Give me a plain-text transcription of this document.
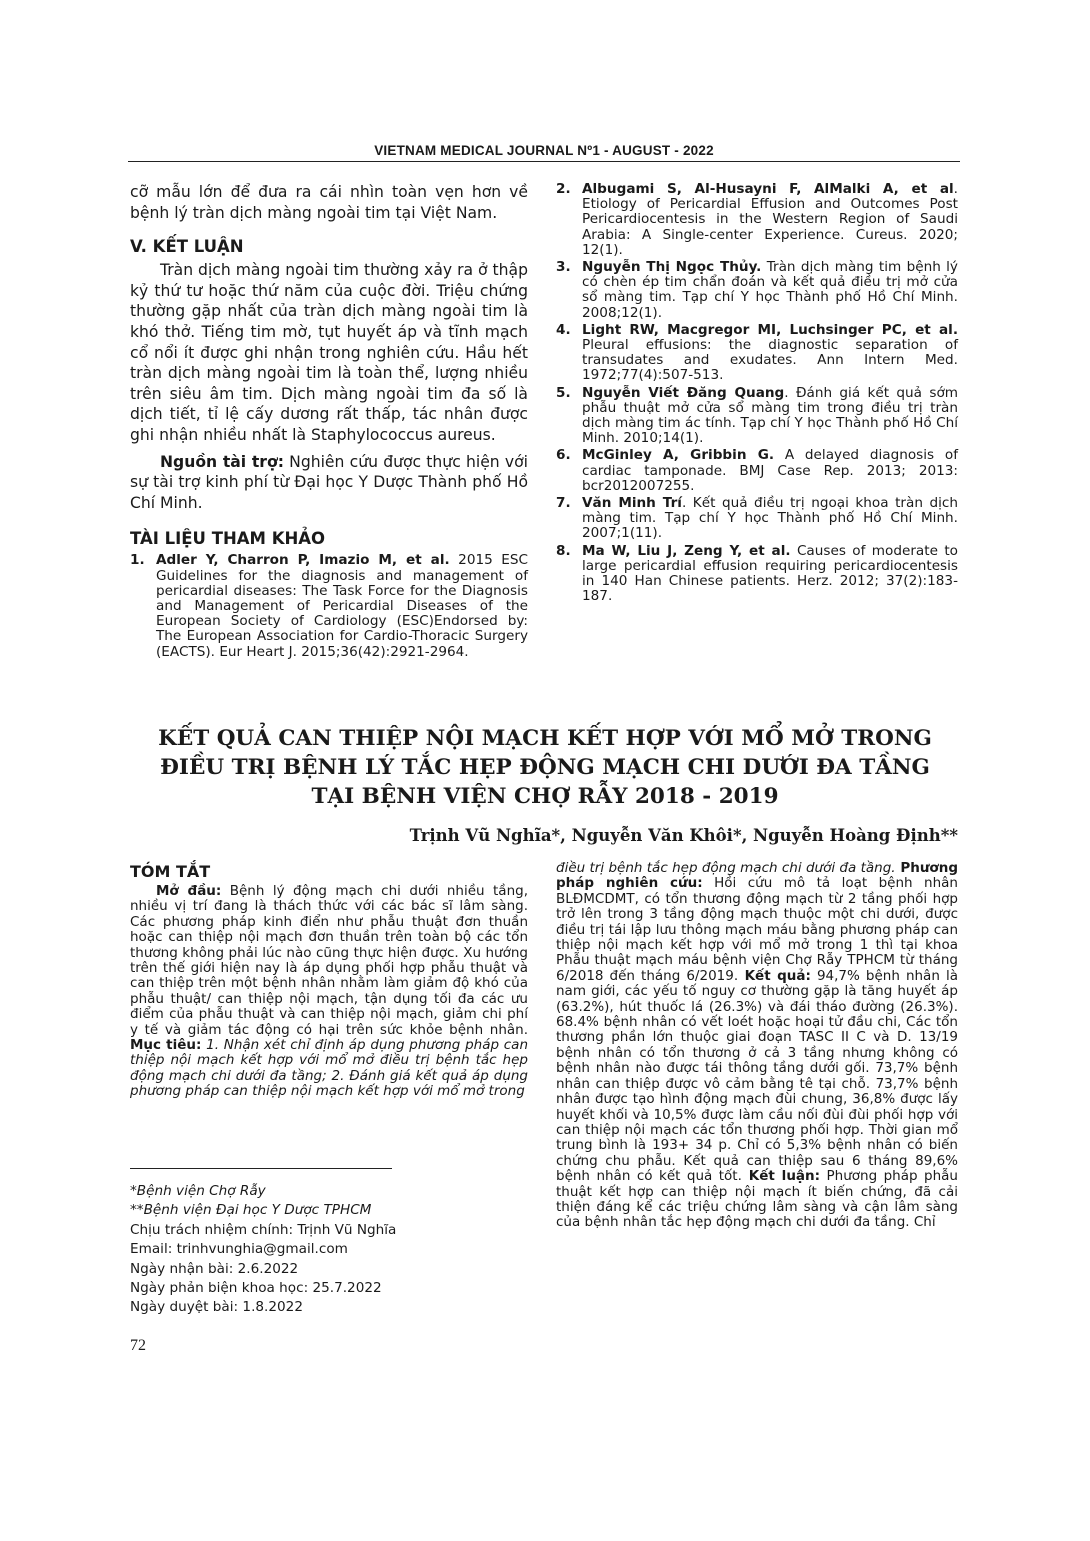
VIETNAM MEDICAL JOURNAL Nº1 - AUGUST - 2022

cỡ mẫu lớn để đưa ra cái nhìn toàn vẹn hơn về bệnh lý tràn dịch màng ngoài tim tại Việt Nam.

V. KẾT LUẬN

Tràn dịch màng ngoài tim thường xảy ra ở thập kỷ thứ tư hoặc thứ năm của cuộc đời. Triệu chứng thường gặp nhất của tràn dịch màng ngoài tim là khó thở. Tiếng tim mờ, tụt huyết áp và tĩnh mạch cổ nổi ít được ghi nhận trong nghiên cứu. Hầu hết tràn dịch màng ngoài tim là toàn thể, lượng nhiều trên siêu âm tim. Dịch màng ngoài tim đa số là dịch tiết, tỉ lệ cấy dương rất thấp, tác nhân được ghi nhận nhiều nhất là Staphylococcus aureus.

Nguồn tài trợ: Nghiên cứu được thực hiện với sự tài trợ kinh phí từ Đại học Y Dược Thành phố Hồ Chí Minh.

TÀI LIỆU THAM KHẢO

1. Adler Y, Charron P, Imazio M, et al. 2015 ESC Guidelines for the diagnosis and management of pericardial diseases: The Task Force for the Diagnosis and Management of Pericardial Diseases of the European Society of Cardiology (ESC)Endorsed by: The European Association for Cardio-Thoracic Surgery (EACTS). Eur Heart J. 2015;36(42):2921-2964.
2. Albugami S, Al-Husayni F, AlMalki A, et al. Etiology of Pericardial Effusion and Outcomes Post Pericardiocentesis in the Western Region of Saudi Arabia: A Single-center Experience. Cureus. 2020; 12(1).
3. Nguyễn Thị Ngọc Thủy. Tràn dịch màng tim bệnh lý có chèn ép tim chẩn đoán và kết quả điều trị mở cửa sổ màng tim. Tạp chí Y học Thành phố Hồ Chí Minh. 2008;12(1).
4. Light RW, Macgregor MI, Luchsinger PC, et al. Pleural effusions: the diagnostic separation of transudates and exudates. Ann Intern Med. 1972;77(4):507-513.
5. Nguyễn Viết Đăng Quang. Đánh giá kết quả sớm phẫu thuật mở cửa sổ màng tim trong điều trị tràn dịch màng tim ác tính. Tạp chí Y học Thành phố Hồ Chí Minh. 2010;14(1).
6. McGinley A, Gribbin G. A delayed diagnosis of cardiac tamponade. BMJ Case Rep. 2013; 2013: bcr2012007255.
7. Văn Minh Trí. Kết quả điều trị ngoại khoa tràn dịch màng tim. Tạp chí Y học Thành phố Hồ Chí Minh. 2007;1(11).
8. Ma W, Liu J, Zeng Y, et al. Causes of moderate to large pericardial effusion requiring pericardiocentesis in 140 Han Chinese patients. Herz. 2012; 37(2):183-187.
KẾT QUẢ CAN THIỆP NỘI MẠCH KẾT HỢP VỚI MỔ MỞ TRONG
ĐIỀU TRỊ BỆNH LÝ TẮC HẸP ĐỘNG MẠCH CHI DƯỚI ĐA TẦNG
TẠI BỆNH VIỆN CHỢ RẪY 2018 - 2019
Trịnh Vũ Nghĩa*, Nguyễn Văn Khôi*, Nguyễn Hoàng Định**

TÓM TẮT

Mở đầu: Bệnh lý động mạch chi dưới nhiều tầng, nhiều vị trí đang là thách thức với các bác sĩ lâm sàng. Các phương pháp kinh điển như phẫu thuật đơn thuần hoặc can thiệp nội mạch đơn thuần trên toàn bộ các tổn thương không phải lúc nào cũng thực hiện được. Xu hướng trên thế giới hiện nay là áp dụng phối hợp phẫu thuật và can thiệp trên một bệnh nhân nhằm làm giảm độ khó của phẫu thuật/ can thiệp nội mạch, tận dụng tối đa các ưu điểm của phẫu thuật và can thiệp nội mạch, giảm chi phí y tế và giảm tác động có hại trên sức khỏe bệnh nhân. Mục tiêu: 1. Nhận xét chỉ định áp dụng phương pháp can thiệp nội mạch kết hợp với mổ mở điều trị bệnh tắc hẹp động mạch chi dưới đa tầng; 2. Đánh giá kết quả áp dụng phương pháp can thiệp nội mạch kết hợp với mổ mở trong

điều trị bệnh tắc hẹp động mạch chi dưới đa tầng. Phương pháp nghiên cứu: Hồi cứu mô tả loạt bệnh nhân BLĐMCDMT, có tổn thương động mạch từ 2 tầng phối hợp trở lên trong 3 tầng động mạch thuộc một chi dưới, được điều trị tái lập lưu thông mạch máu bằng phương pháp can thiệp nội mạch kết hợp với mổ mở trong 1 thì tại khoa Phẫu thuật mạch máu bệnh viện Chợ Rẫy TPHCM từ tháng 6/2018 đến tháng 6/2019. Kết quả: 94,7% bệnh nhân là nam giới, các yếu tố nguy cơ thường gặp là tăng huyết áp (63.2%), hút thuốc lá (26.3%) và đái tháo đường (26.3%). 68.4% bệnh nhân có vết loét hoặc hoại tử đầu chi, Các tổn thương phần lớn thuộc giai đoạn TASC II C và D. 13/19 bệnh nhân có tổn thương ở cả 3 tầng nhưng không có bệnh nhân nào được tái thông tầng dưới gối. 73,7% bệnh nhân can thiệp được vô cảm bằng tê tại chỗ. 73,7% bệnh nhân được tạo hình động mạch đùi chung, 36,8% được lấy huyết khối và 10,5% được làm cầu nối đùi đùi phối hợp với can thiệp nội mạch các tổn thương phối hợp. Thời gian mổ trung bình là 193+ 34 p. Chỉ có 5,3% bệnh nhân có biến chứng chu phẫu. Kết quả can thiệp sau 6 tháng 89,6% bệnh nhân có kết quả tốt. Kết luận: Phương pháp phẫu thuật kết hợp can thiệp nội mạch ít biến chứng, đã cải thiện đáng kể các triệu chứng lâm sàng và cận lâm sàng của bệnh nhân tắc hẹp động mạch chi dưới đa tầng. Chỉ

*Bệnh viện Chợ Rẫy
**Bệnh viện Đại học Y Dược TPHCM
Chịu trách nhiệm chính: Trịnh Vũ Nghĩa
Email: trinhvunghia@gmail.com
Ngày nhận bài: 2.6.2022
Ngày phản biện khoa học: 25.7.2022
Ngày duyệt bài: 1.8.2022
72
